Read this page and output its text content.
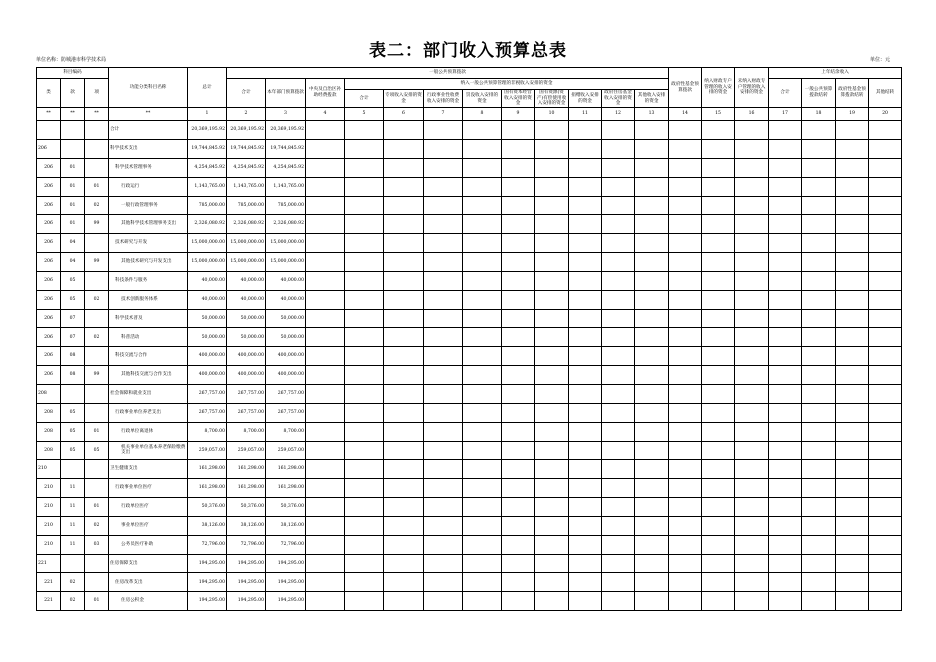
表二：部门收入预算总表
单位名称：防城港市科学技术局	单位：元
科目编码			功能分类科目名称	总计	一般公共预算拨款												政府性基金预算拨款	纳入财政专户管理的收入安排的资金	未纳入财政专户管理的收入安排的资金	上年结余收入			
类	款	项			合计	本年部门预算拨款	中央及自治区补助经费拨款	纳入一般公共预算管理的非税收入安排的资金												合计	一般公共预算拨款结转	政府性基金预算拨款结转	其他结转
								合计	专项收入安排的资金	行政事业性收费收入安排的资金	罚没收入安排的资金	国有资本经营收入安排的资金	国有资源(资产)有偿使用收入安排的资金	捐赠收入安排的资金	政府住房基金收入安排的资金	其他收入安排的资金							
**	**	**	**	1	2	3	4	5	6	7	8	9	10	11	12	13	14	15	16	17	18	19	20
			合计	20,369,195.92	20,369,195.92	20,369,195.92																	
206			科学技术支出	19,744,845.92	19,744,845.92	19,744,845.92																	
206	01		科学技术管理事务	4,254,845.92	4,254,845.92	4,254,845.92																	
206	01	01	行政运行	1,143,765.00	1,143,765.00	1,143,765.00																	
206	01	02	一般行政管理事务	785,000.00	785,000.00	785,000.00																	
206	01	99	其他科学技术管理事务支出	2,326,080.92	2,326,080.92	2,326,080.92																	
206	04		技术研究与开发	15,000,000.00	15,000,000.00	15,000,000.00																	
206	04	99	其他技术研究与开发支出	15,000,000.00	15,000,000.00	15,000,000.00																	
206	05		科技条件与服务	40,000.00	40,000.00	40,000.00																	
206	05	02	技术创新服务体系	40,000.00	40,000.00	40,000.00																	
206	07		科学技术普及	50,000.00	50,000.00	50,000.00																	
206	07	02	科普活动	50,000.00	50,000.00	50,000.00																	
206	08		科技交流与合作	400,000.00	400,000.00	400,000.00																	
206	08	99	其他科技交流与合作支出	400,000.00	400,000.00	400,000.00																	
208			社会保障和就业支出	267,757.00	267,757.00	267,757.00																	
208	05		行政事业单位养老支出	267,757.00	267,757.00	267,757.00																	
208	05	01	行政单位离退休	8,700.00	8,700.00	8,700.00																	
208	05	05	机关事业单位基本养老保险缴费支出	259,057.00	259,057.00	259,057.00																	
210			卫生健康支出	161,298.00	161,298.00	161,298.00																	
210	11		行政事业单位医疗	161,298.00	161,298.00	161,298.00																	
210	11	01	行政单位医疗	50,376.00	50,376.00	50,376.00																	
210	11	02	事业单位医疗	38,126.00	38,126.00	38,126.00																	
210	11	03	公务员医疗补助	72,796.00	72,796.00	72,796.00																	
221			住房保障支出	194,295.00	194,295.00	194,295.00																	
221	02		住房改革支出	194,295.00	194,295.00	194,295.00																	
221	02	01	住房公积金	194,295.00	194,295.00	194,295.00																	
